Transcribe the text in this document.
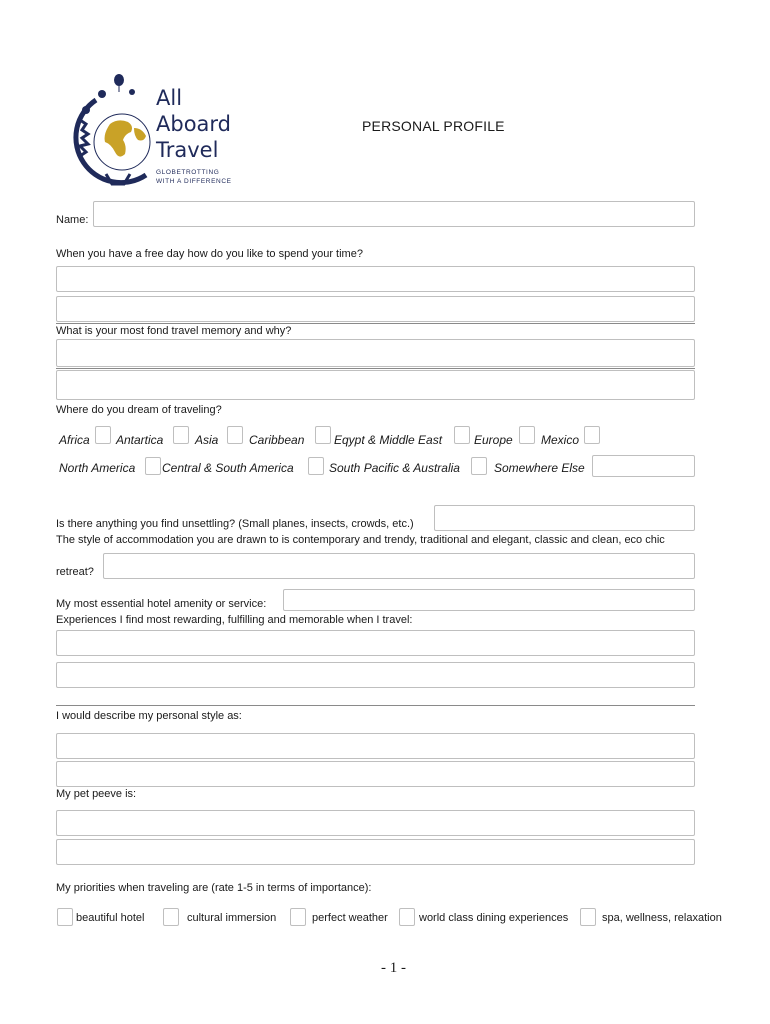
All
Aboard
Travel
GLOBETROTTING
WITH A DIFFERENCE
PERSONAL PROFILE
Name:
When you have a free day how do you like to spend your time?
What is your most fond travel memory and why?
Where do you dream of traveling?
Africa Antartica	Asia	Caribbean Eqypt & Middle East	Europe Mexico
North America Central & South America	South Pacific & Australia	Somewhere Else
Is there anything you find unsettling? (Small planes, insects, crowds, etc.)
The style of accommodation you are drawn to is contemporary and trendy, traditional and elegant, classic and clean, eco chic
retreat?
My most essential hotel amenity or service:
Experiences I find most rewarding, fulfilling and memorable when I travel:
I would describe my personal style as:
My pet peeve is:
My priorities when traveling are (rate 1-5 in terms of importance):
beautiful hotel	cultural immersion	perfect weather	world class dining experiences	spa, wellness, relaxation
- 1 -
